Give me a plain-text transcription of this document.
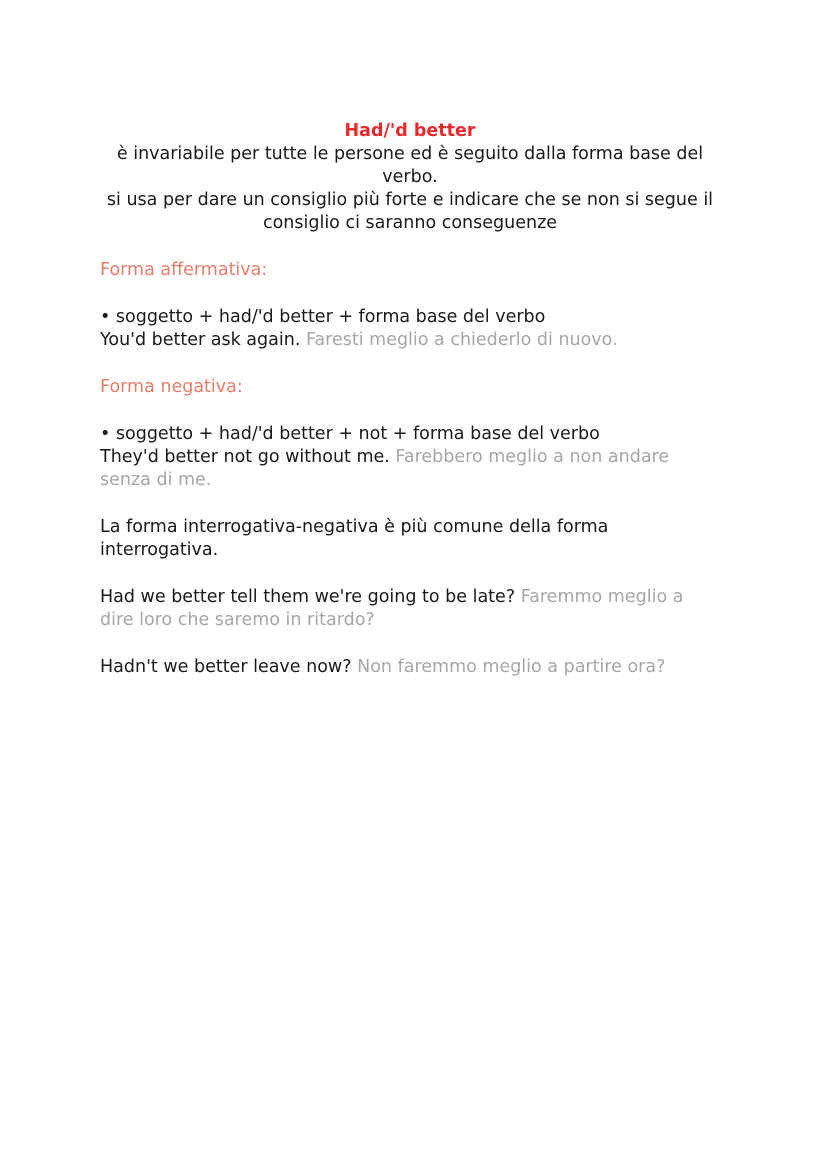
Had/'d better
è invariabile per tutte le persone ed è seguito dalla forma base del verbo.
si usa per dare un consiglio più forte e indicare che se non si segue il consiglio ci saranno conseguenze
Forma affermativa:
• soggetto + had/'d better + forma base del verbo
You'd better ask again. Faresti meglio a chiederlo di nuovo.
Forma negativa:
• soggetto + had/'d better + not + forma base del verbo
They'd better not go without me. Farebbero meglio a non andare senza di me.
La forma interrogativa-negativa è più comune della forma interrogativa.
Had we better tell them we're going to be late? Faremmo meglio a dire loro che saremo in ritardo?
Hadn't we better leave now? Non faremmo meglio a partire ora?
